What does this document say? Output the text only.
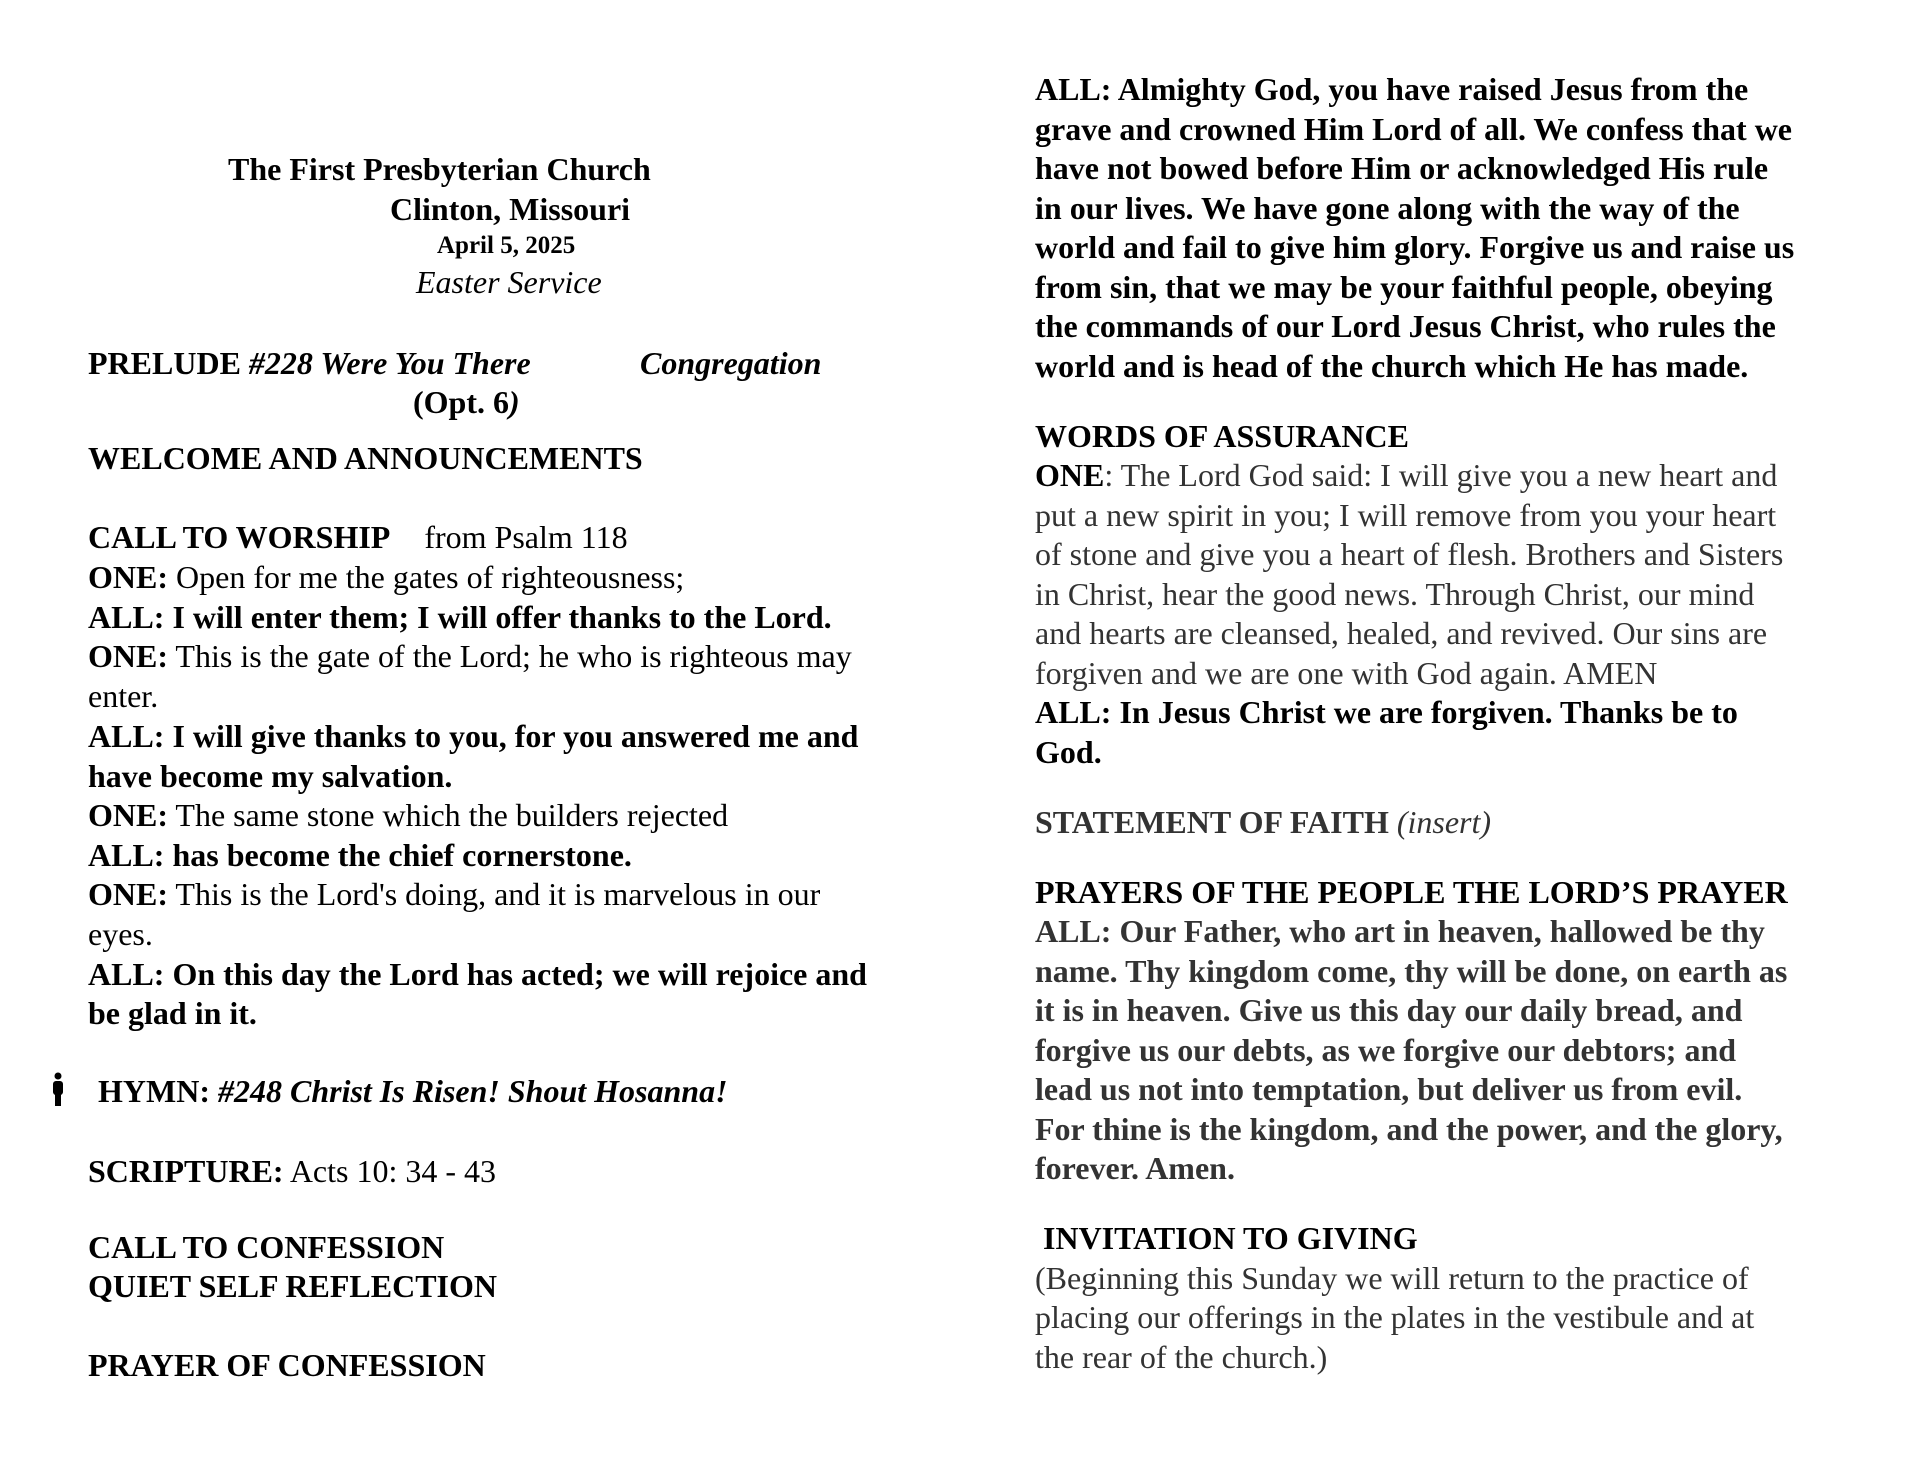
The First Presbyterian Church
Clinton, Missouri
April 5, 2025
Easter Service
PRELUDE #228 Were You There	Congregation
(Opt. 6)
WELCOME AND ANNOUNCEMENTS
CALL TO WORSHIP from Psalm 118
ONE: Open for me the gates of righteousness;
ALL: I will enter them; I will offer thanks to the Lord.
ONE: This is the gate of the Lord; he who is righteous may
enter.
ALL: I will give thanks to you, for you answered me and
have become my salvation.
ONE: The same stone which the builders rejected
ALL: has become the chief cornerstone.
ONE: This is the Lord's doing, and it is marvelous in our
eyes.
ALL: On this day the Lord has acted; we will rejoice and
be glad in it.
HYMN: #248 Christ Is Risen! Shout Hosanna!
SCRIPTURE: Acts 10: 34 - 43
CALL TO CONFESSION
QUIET SELF REFLECTION
PRAYER OF CONFESSION
ALL: Almighty God, you have raised Jesus from the
grave and crowned Him Lord of all. We confess that we
have not bowed before Him or acknowledged His rule
in our lives. We have gone along with the way of the
world and fail to give him glory. Forgive us and raise us
from sin, that we may be your faithful people, obeying
the commands of our Lord Jesus Christ, who rules the
world and is head of the church which He has made.
WORDS OF ASSURANCE
ONE: The Lord God said: I will give you a new heart and
put a new spirit in you; I will remove from you your heart
of stone and give you a heart of flesh. Brothers and Sisters
in Christ, hear the good news. Through Christ, our mind
and hearts are cleansed, healed, and revived. Our sins are
forgiven and we are one with God again. AMEN
ALL: In Jesus Christ we are forgiven. Thanks be to
God.
STATEMENT OF FAITH (insert)
PRAYERS OF THE PEOPLE THE LORD’S PRAYER
ALL: Our Father, who art in heaven, hallowed be thy
name. Thy kingdom come, thy will be done, on earth as
it is in heaven. Give us this day our daily bread, and
forgive us our debts, as we forgive our debtors; and
lead us not into temptation, but deliver us from evil.
For thine is the kingdom, and the power, and the glory,
forever. Amen.
INVITATION TO GIVING
(Beginning this Sunday we will return to the practice of
placing our offerings in the plates in the vestibule and at
the rear of the church.)
